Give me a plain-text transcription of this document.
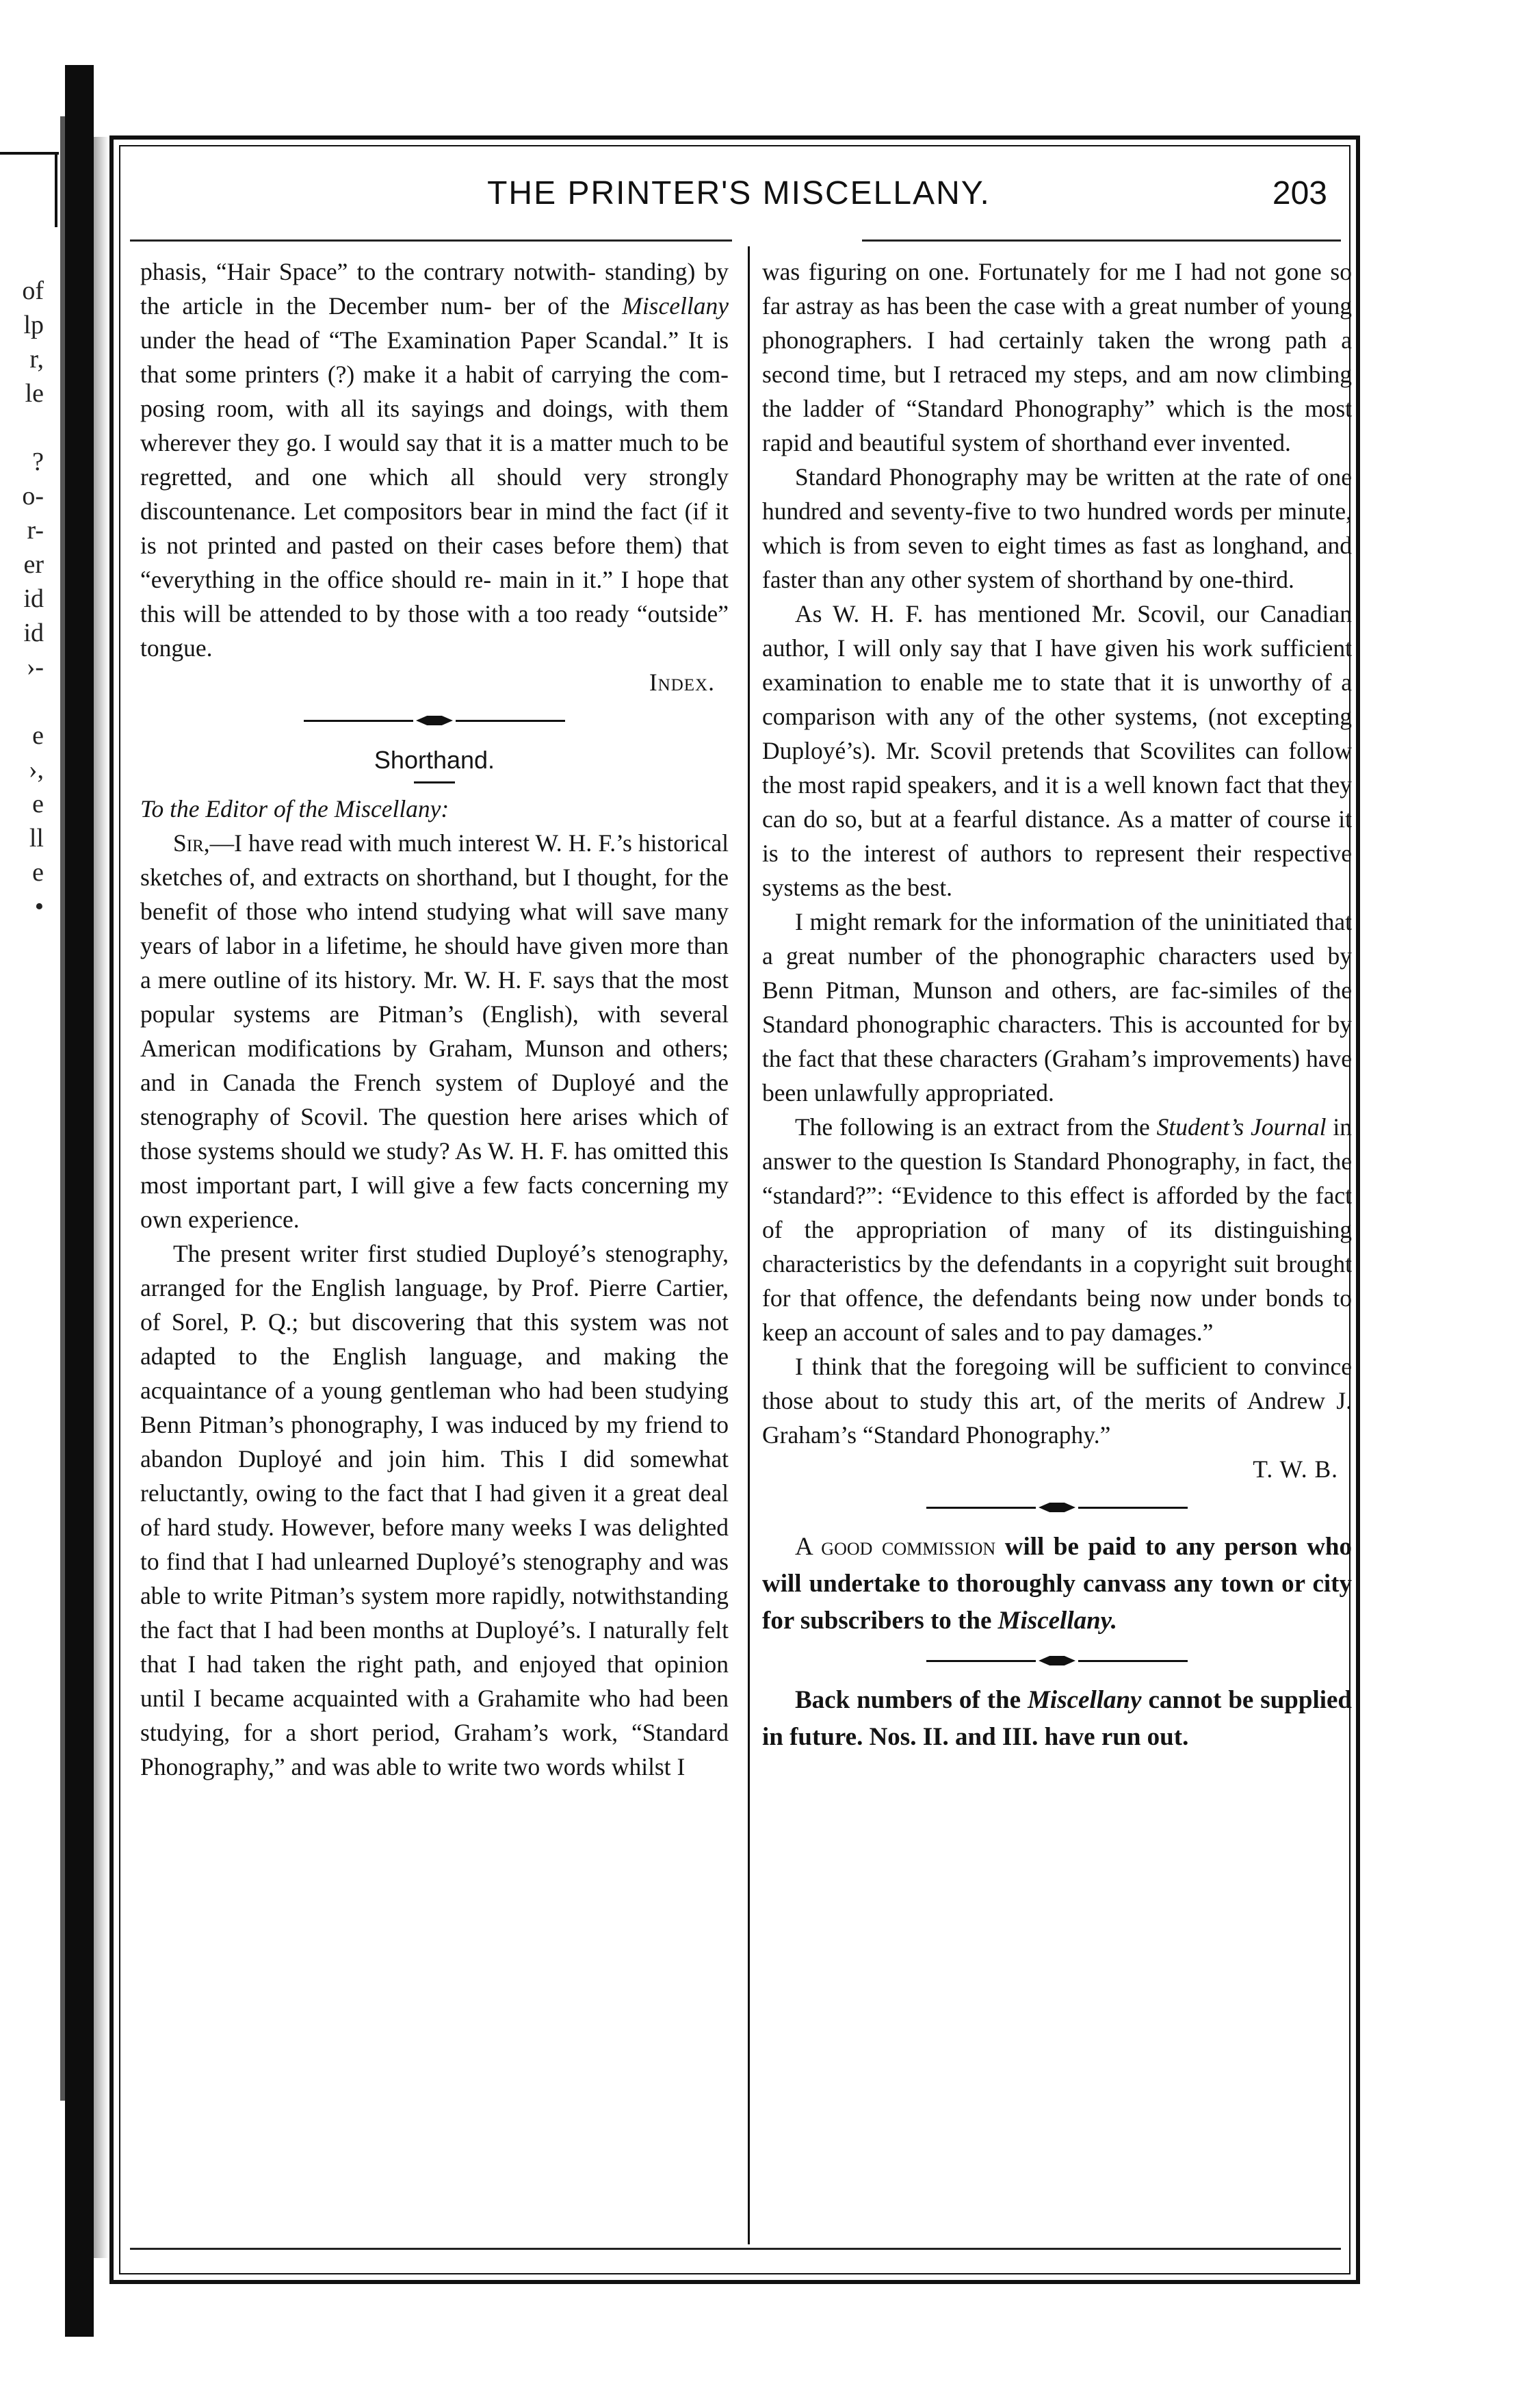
of
lp
r,
le
?
o-
r-
er
id
id
›-
e
›,
e
ll
e
•
THE PRINTER'S MISCELLANY.	203

phasis, “Hair Space” to the contrary notwith- standing) by the article in the December num- ber of the Miscellany under the head of “The Examination Paper Scandal.” It is that some printers (?) make it a habit of carrying the com- posing room, with all its sayings and doings, with them wherever they go. I would say that it is a matter much to be regretted, and one which all should very strongly discountenance. Let compositors bear in mind the fact (if it is not printed and pasted on their cases before them) that “everything in the office should re- main in it.” I hope that this will be attended to by those with a too ready “outside” tongue.

Index.

Shorthand.

To the Editor of the Miscellany:

Sir,—I have read with much interest W. H. F.’s historical sketches of, and extracts on shorthand, but I thought, for the benefit of those who intend studying what will save many years of labor in a lifetime, he should have given more than a mere outline of its history. Mr. W. H. F. says that the most popular systems are Pitman’s (English), with several American modifications by Graham, Munson and others; and in Canada the French system of Duployé and the stenography of Scovil. The question here arises which of those systems should we study? As W. H. F. has omitted this most important part, I will give a few facts concerning my own experience.

The present writer first studied Duployé’s stenography, arranged for the English language, by Prof. Pierre Cartier, of Sorel, P. Q.; but discovering that this system was not adapted to the English language, and making the acquaintance of a young gentleman who had been studying Benn Pitman’s phonography, I was induced by my friend to abandon Duployé and join him. This I did somewhat reluctantly, owing to the fact that I had given it a great deal of hard study. However, before many weeks I was delighted to find that I had unlearned Duployé’s stenography and was able to write Pitman’s system more rapidly, notwithstanding the fact that I had been months at Duployé’s. I naturally felt that I had taken the right path, and enjoyed that opinion until I became acquainted with a Grahamite who had been studying, for a short period, Graham’s work, “Standard Phonography,” and was able to write two words whilst I

was figuring on one. Fortunately for me I had not gone so far astray as has been the case with a great number of young phonographers. I had certainly taken the wrong path a second time, but I retraced my steps, and am now climbing the ladder of “Standard Phonography” which is the most rapid and beautiful system of shorthand ever invented.

Standard Phonography may be written at the rate of one hundred and seventy-five to two hundred words per minute, which is from seven to eight times as fast as longhand, and faster than any other system of shorthand by one-third.

As W. H. F. has mentioned Mr. Scovil, our Canadian author, I will only say that I have given his work sufficient examination to enable me to state that it is unworthy of a comparison with any of the other systems, (not excepting Duployé’s). Mr. Scovil pretends that Scovilites can follow the most rapid speakers, and it is a well known fact that they can do so, but at a fearful distance. As a matter of course it is to the interest of authors to represent their respective systems as the best.

I might remark for the information of the uninitiated that a great number of the phonographic characters used by Benn Pitman, Munson and others, are fac-similes of the Standard phonographic characters. This is accounted for by the fact that these characters (Graham’s improvements) have been unlawfully appropriated.

The following is an extract from the Student’s Journal in answer to the question Is Standard Phonography, in fact, the “standard?”: “Evidence to this effect is afforded by the fact of the appropriation of many of its distinguishing characteristics by the defendants in a copyright suit brought for that offence, the defendants being now under bonds to keep an account of sales and to pay damages.”

I think that the foregoing will be sufficient to convince those about to study this art, of the merits of Andrew J. Graham’s “Standard Phonography.”

T. W. B.

A good commission will be paid to any person who will undertake to thoroughly canvass any town or city for subscribers to the Miscellany.

Back numbers of the Miscellany cannot be supplied in future. Nos. II. and III. have run out.
